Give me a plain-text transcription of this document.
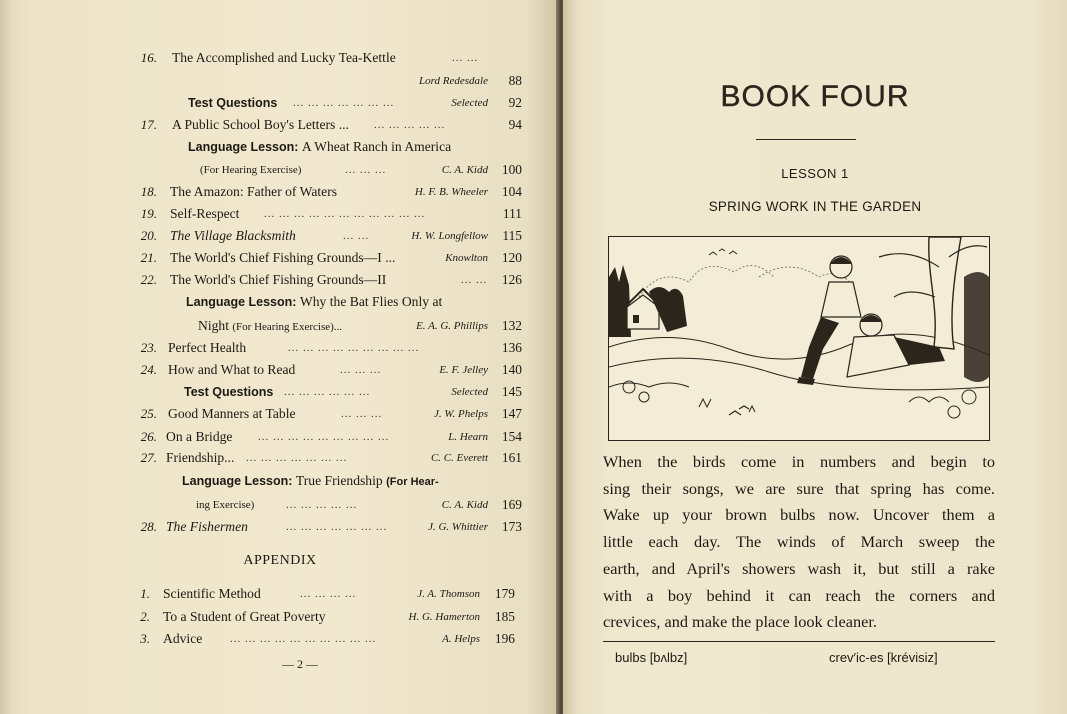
16. The Accomplished and Lucky Tea-Kettle	... ...
Lord Redesdale	88
Test Questions ... ... ... ... ... ... ...	Selected	92
17. A Public School Boy's Letters ... ... ... ... ... ...	94
Language Lesson: A Wheat Ranch in America
(For Hearing Exercise)	... ... ...	C. A. Kidd	100
18. The Amazon: Father of Waters	H. F. B. Wheeler	104
19. Self-Respect ... ... ... ... ... ... ... ... ... ... ...	111
20. The Village Blacksmith	... ...	H. W. Longfellow	115
21. The World's Chief Fishing Grounds—I ...	Knowlton	120
22. The World's Chief Fishing Grounds—II	... ...	126
Language Lesson: Why the Bat Flies Only at
Night (For Hearing Exercise)...	E. A. G. Phillips	132
23. Perfect Health	... ... ... ... ... ... ... ... ...	136
24. How and What to Read	... ... ...	E. F. Jelley	140
Test Questions ... ... ... ... ... ...	Selected	145
25. Good Manners at Table	... ... ...	J. W. Phelps	147
26. On a Bridge ... ... ... ... ... ... ... ... ...	L. Hearn	154
27. Friendship... ... ... ... ... ... ... ...	C. C. Everett	161
Language Lesson: True Friendship (For Hear-
ing Exercise)	... ... ... ... ...	C. A. Kidd	169
28. The Fishermen	... ... ... ... ... ... ...	J. G. Whittier	173
APPENDIX
1. Scientific Method	... ... ... ...	J. A. Thomson	179
2. To a Student of Great Poverty	H. G. Hamerton	185
3. Advice	... ... ... ... ... ... ... ... ... ...	A. Helps	196
— 2 —
BOOK FOUR
LESSON 1
SPRING WORK IN THE GARDEN
When the birds come in numbers and begin to
sing their songs, we are sure that spring has come.
Wake up your brown bulbs now. Uncover them a
little each day. The winds of March sweep the
earth, and April's showers wash it, but still a rake
with a boy behind it can reach the corners and
crevices, and make the place look cleaner.
bulbs [bʌlbz]	crev′ic-es [krévisiz]
